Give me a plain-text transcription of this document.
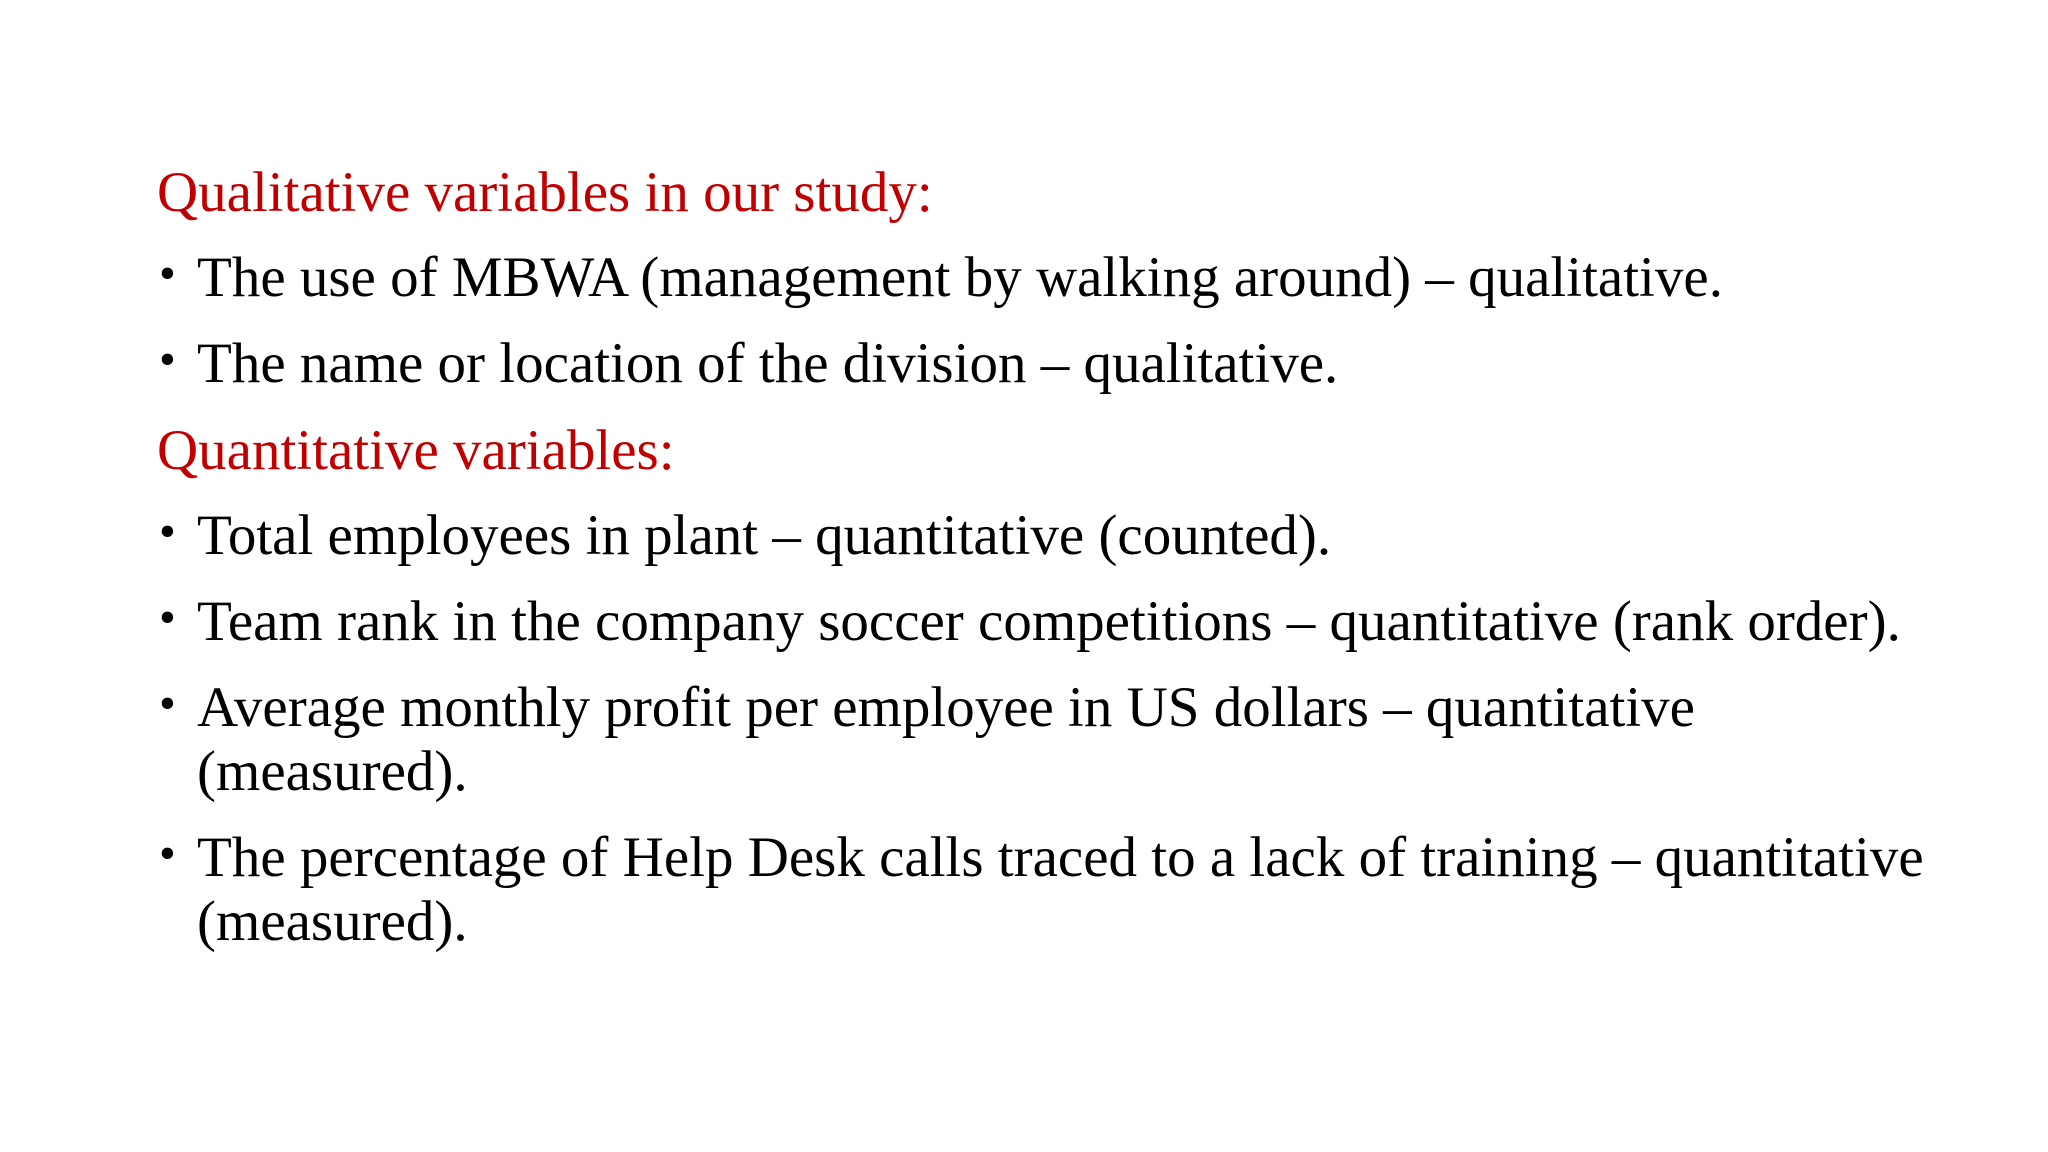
Qualitative variables in our study:
• The use of MBWA (management by walking around) – qualitative.
• The name or location of the division – qualitative.
Quantitative variables:
• Total employees in plant – quantitative (counted).
• Team rank in the company soccer competitions – quantitative (rank order).
• Average monthly profit per employee in US dollars – quantitative (measured).
• The percentage of Help Desk calls traced to a lack of training – quantitative (measured).
